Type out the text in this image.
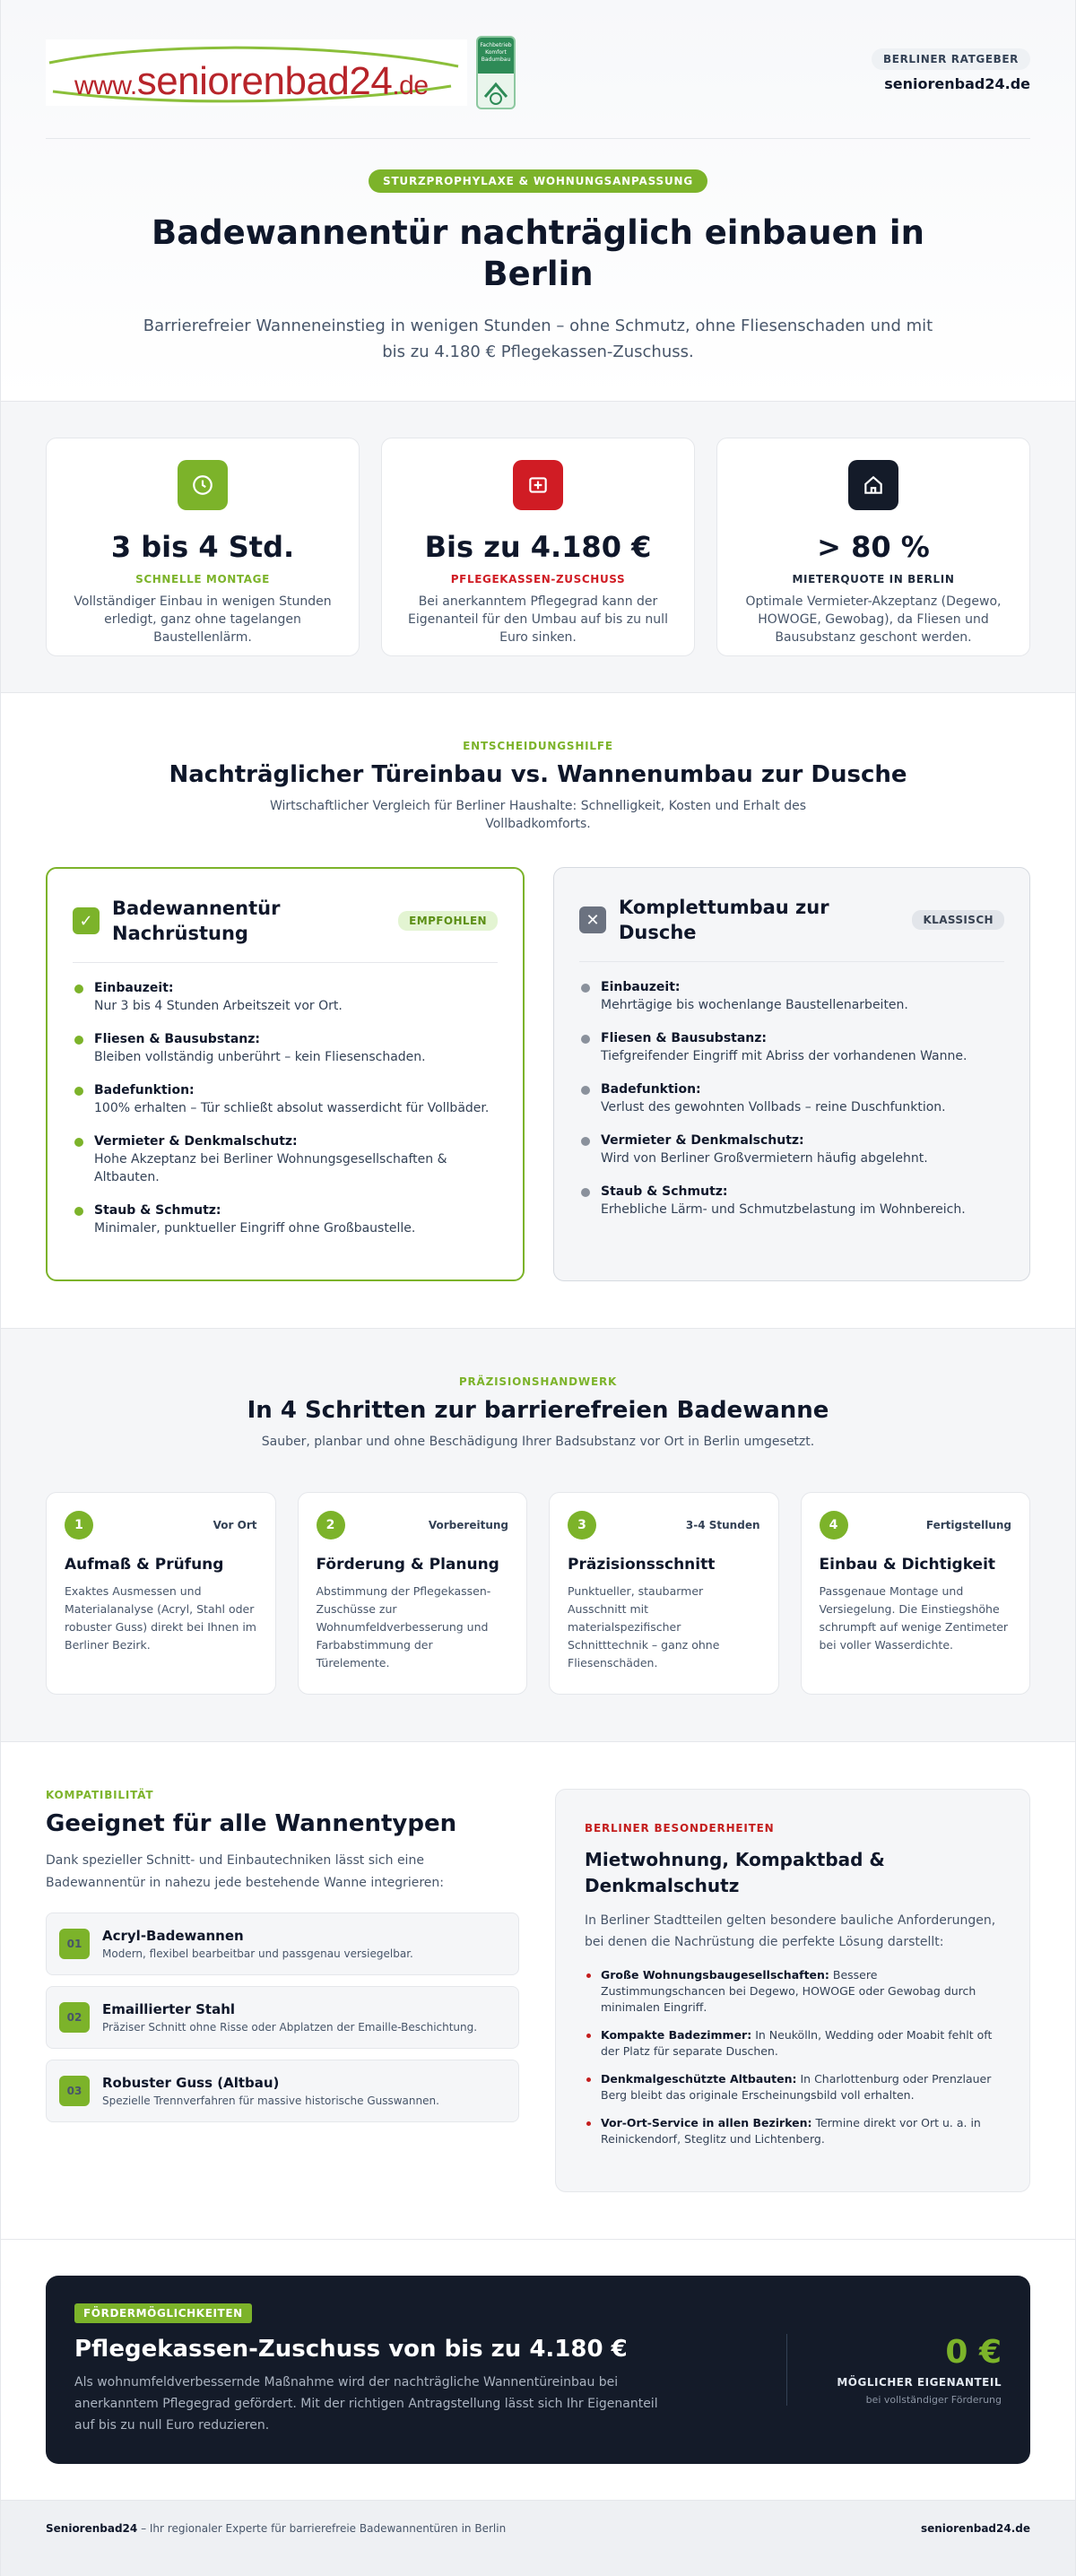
www.seniorenbad24.de
Fachbetrieb Komfort Badumbau	BERLINER RATGEBER
seniorenbad24.de
STURZPROPHYLAXE & WOHNUNGSANPASSUNG
Badewannentür nachträglich einbauen in Berlin

Barrierefreier Wanneneinstieg in wenigen Stunden – ohne Schmutz, ohne Fliesenschaden und mit bis zu 4.180 € Pflegekassen-Zuschuss.

3 bis 4 Std.
SCHNELLE MONTAGE
Vollständiger Einbau in wenigen Stunden erledigt, ganz ohne tagelangen Baustellenlärm.
Bis zu 4.180 €
PFLEGEKASSEN-ZUSCHUSS
Bei anerkanntem Pflegegrad kann der Eigenanteil für den Umbau auf bis zu null Euro sinken.
> 80 %
MIETERQUOTE IN BERLIN
Optimale Vermieter-Akzeptanz (Degewo, HOWOGE, Gewobag), da Fliesen und Bausubstanz geschont werden.
ENTSCHEIDUNGSHILFE
Nachträglicher Türeinbau vs. Wannenumbau zur Dusche

Wirtschaftlicher Vergleich für Berliner Haushalte: Schnelligkeit, Kosten und Erhalt des Vollbadkomforts.

✓
Badewannentür Nachrüstung
EMPFOHLEN
Einbauzeit:
Nur 3 bis 4 Stunden Arbeitszeit vor Ort.
Fliesen & Bausubstanz:
Bleiben vollständig unberührt – kein Fliesenschaden.
Badefunktion:
100% erhalten – Tür schließt absolut wasserdicht für Vollbäder.
Vermieter & Denkmalschutz:
Hohe Akzeptanz bei Berliner Wohnungsgesellschaften & Altbauten.
Staub & Schmutz:
Minimaler, punktueller Eingriff ohne Großbaustelle.
✕
Komplettumbau zur Dusche
KLASSISCH
Einbauzeit:
Mehrtägige bis wochenlange Baustellenarbeiten.
Fliesen & Bausubstanz:
Tiefgreifender Eingriff mit Abriss der vorhandenen Wanne.
Badefunktion:
Verlust des gewohnten Vollbads – reine Duschfunktion.
Vermieter & Denkmalschutz:
Wird von Berliner Großvermietern häufig abgelehnt.
Staub & Schmutz:
Erhebliche Lärm- und Schmutzbelastung im Wohnbereich.
PRÄZISIONSHANDWERK
In 4 Schritten zur barrierefreien Badewanne

Sauber, planbar und ohne Beschädigung Ihrer Badsubstanz vor Ort in Berlin umgesetzt.

1	Vor Ort
Aufmaß & Prüfung

Exaktes Ausmessen und Materialanalyse (Acryl, Stahl oder robuster Guss) direkt bei Ihnen im Berliner Bezirk.

2	Vorbereitung
Förderung & Planung

Abstimmung der Pflegekassen-Zuschüsse zur Wohnumfeldverbesserung und Farbabstimmung der Türelemente.

3	3-4 Stunden
Präzisionsschnitt

Punktueller, staubarmer Ausschnitt mit materialspezifischer Schnitttechnik – ganz ohne Fliesenschäden.

4	Fertigstellung
Einbau & Dichtigkeit

Passgenaue Montage und Versiegelung. Die Einstiegshöhe schrumpft auf wenige Zentimeter bei voller Wasserdichte.

KOMPATIBILITÄT
Geeignet für alle Wannentypen

Dank spezieller Schnitt- und Einbautechniken lässt sich eine Badewannentür in nahezu jede bestehende Wanne integrieren:

01
Acryl-Badewannen
Modern, flexibel bearbeitbar und passgenau versiegelbar.
02
Emaillierter Stahl
Präziser Schnitt ohne Risse oder Abplatzen der Emaille-Beschichtung.
03
Robuster Guss (Altbau)
Spezielle Trennverfahren für massive historische Gusswannen.
BERLINER BESONDERHEITEN
Mietwohnung, Kompaktbad & Denkmalschutz

In Berliner Stadtteilen gelten besondere bauliche Anforderungen, bei denen die Nachrüstung die perfekte Lösung darstellt:

Große Wohnungsbaugesellschaften: Bessere Zustimmungschancen bei Degewo, HOWOGE oder Gewobag durch minimalen Eingriff.
Kompakte Badezimmer: In Neukölln, Wedding oder Moabit fehlt oft der Platz für separate Duschen.
Denkmalgeschützte Altbauten: In Charlottenburg oder Prenzlauer Berg bleibt das originale Erscheinungsbild voll erhalten.
Vor-Ort-Service in allen Bezirken: Termine direkt vor Ort u. a. in Reinickendorf, Steglitz und Lichtenberg.
FÖRDERMÖGLICHKEITEN
Pflegekassen-Zuschuss von bis zu 4.180 €

Als wohnumfeldverbessernde Maßnahme wird der nachträgliche Wannentüreinbau bei anerkanntem Pflegegrad gefördert. Mit der richtigen Antragstellung lässt sich Ihr Eigenanteil auf bis zu null Euro reduzieren.

0 €
MÖGLICHER EIGENANTEIL
bei vollständiger Förderung
Seniorenbad24 – Ihr regionaler Experte für barrierefreie Badewannentüren in Berlin	seniorenbad24.de
